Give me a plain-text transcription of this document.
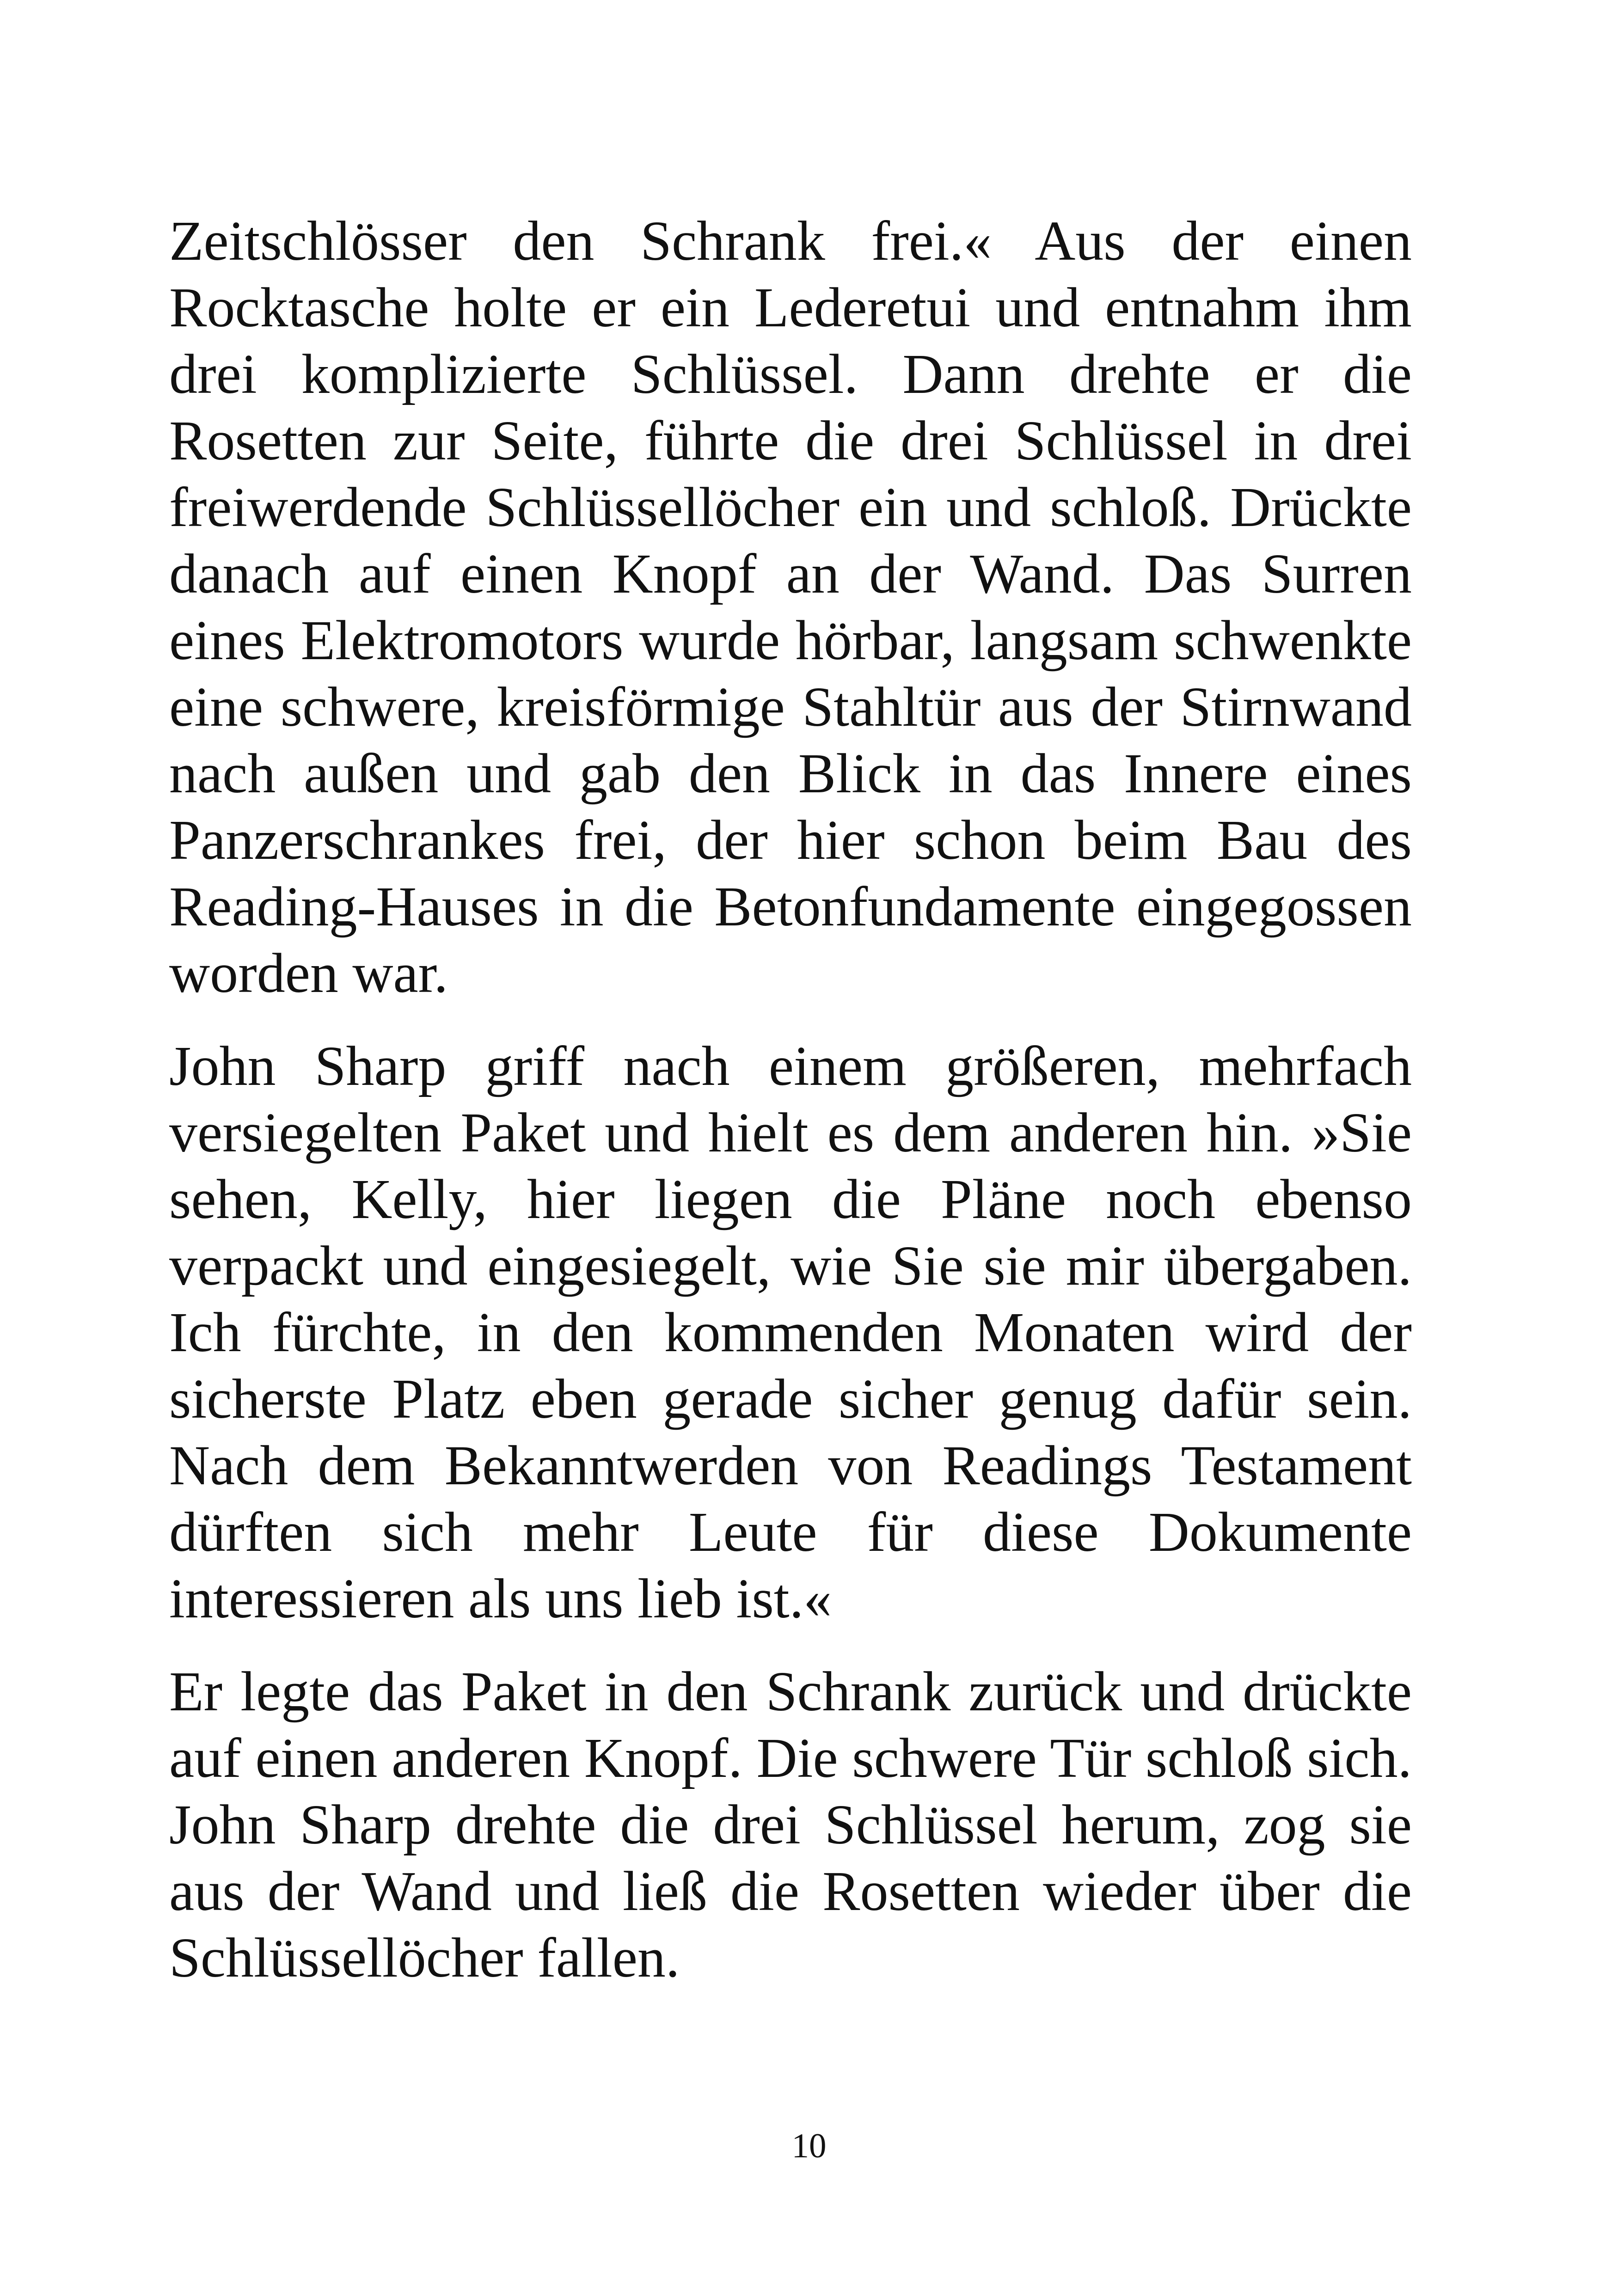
Zeitschlösser den Schrank frei.« Aus der einen Rocktasche holte er ein Lederetui und entnahm ihm drei komplizierte Schlüssel. Dann drehte er die Rosetten zur Seite, führte die drei Schlüssel in drei freiwerdende Schlüssellöcher ein und schloß. Drückte danach auf einen Knopf an der Wand. Das Surren eines Elektromotors wurde hörbar, langsam schwenkte eine schwere, kreisförmige Stahltür aus der Stirnwand nach außen und gab den Blick in das Innere eines Panzerschrankes frei, der hier schon beim Bau des Reading-Hauses in die Betonfundamente eingegossen worden war.

John Sharp griff nach einem größeren, mehrfach versiegelten Paket und hielt es dem anderen hin. »Sie sehen, Kelly, hier liegen die Pläne noch ebenso verpackt und eingesiegelt, wie Sie sie mir übergaben. Ich fürchte, in den kommenden Monaten wird der sicherste Platz eben gerade sicher genug dafür sein. Nach dem Bekanntwerden von Readings Testament dürften sich mehr Leute für diese Dokumente interessieren als uns lieb ist.«

Er legte das Paket in den Schrank zurück und drückte auf einen anderen Knopf. Die schwere Tür schloß sich. John Sharp drehte die drei Schlüssel herum, zog sie aus der Wand und ließ die Rosetten wieder über die Schlüssellöcher fallen.

10
